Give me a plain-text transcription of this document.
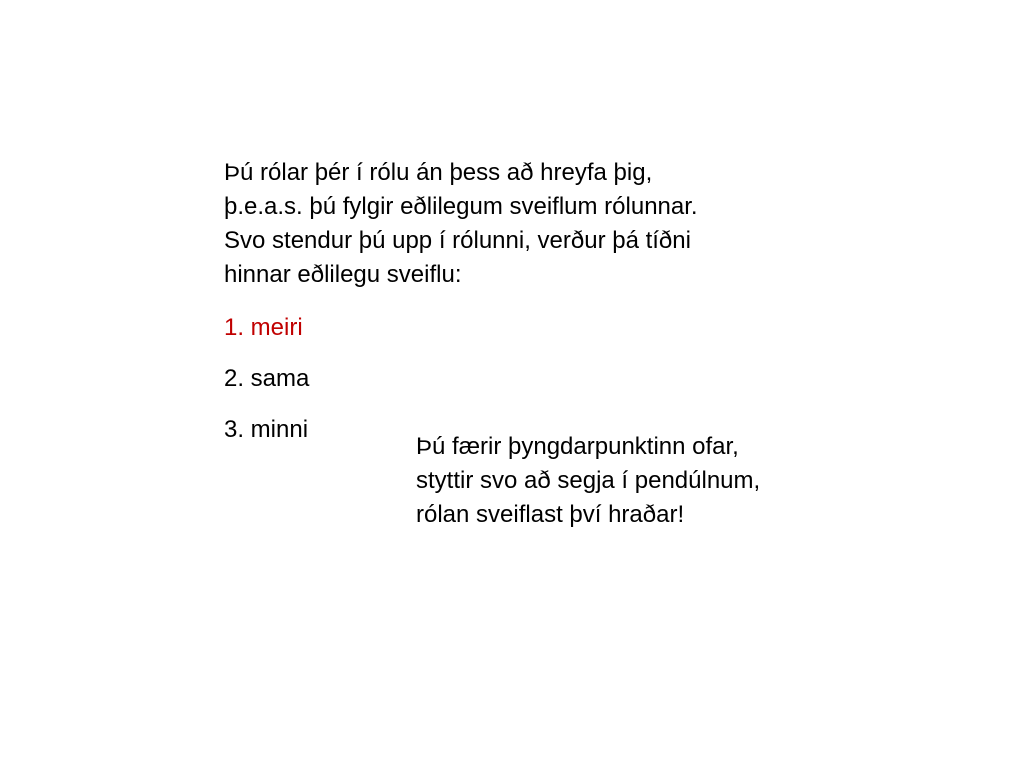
Þú rólar þér í rólu án þess að hreyfa þig,
þ.e.a.s. þú fylgir eðlilegum sveiflum rólunnar.
Svo stendur þú upp í rólunni, verður þá tíðni
hinnar eðlilegu sveiflu:

1. meiri
2. sama
3. minni

Þú færir þyngdarpunktinn ofar,
styttir svo að segja í pendúlnum,
rólan sveiflast því hraðar!
